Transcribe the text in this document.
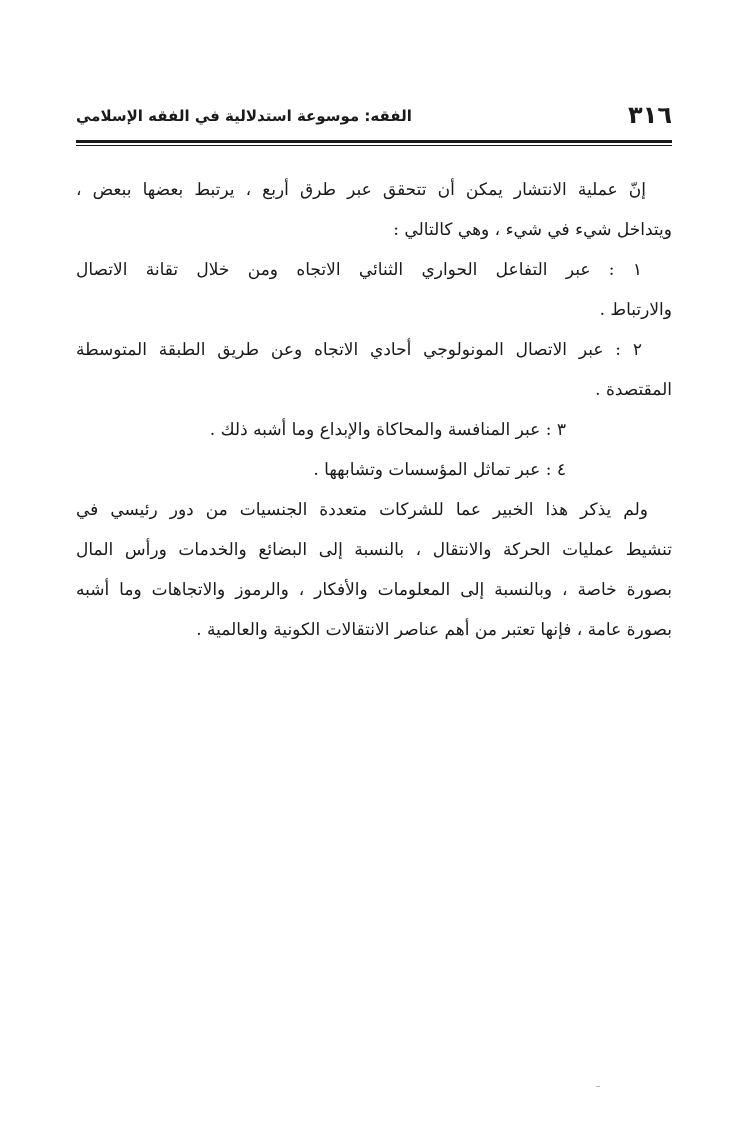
٣١٦
الفقه: موسوعة استدلالية في الفقه الإسلامي
إنّ عملية الانتشار يمكن أن تتحقق عبر طرق أربع ، يرتبط بعضها ببعض ،
ويتداخل شيء في شيء ، وهي كالتالي :
١ : عبر التفاعل الحواري الثنائي الاتجاه ومن خلال تقانة الاتصال
والارتباط .
٢ : عبر الاتصال المونولوجي أحادي الاتجاه وعن طريق الطبقة المتوسطة
المقتصدة .
٣ : عبر المنافسة والمحاكاة والإبداع وما أشبه ذلك .
٤ : عبر تماثل المؤسسات وتشابهها .
ولم يذكر هذا الخبير عما للشركات متعددة الجنسيات من دور رئيسي في
تنشيط عمليات الحركة والانتقال ، بالنسبة إلى البضائع والخدمات ورأس المال
بصورة خاصة ، وبالنسبة إلى المعلومات والأفكار ، والرموز والاتجاهات وما أشبه
بصورة عامة ، فإنها تعتبر من أهم عناصر الانتقالات الكونية والعالمية .
